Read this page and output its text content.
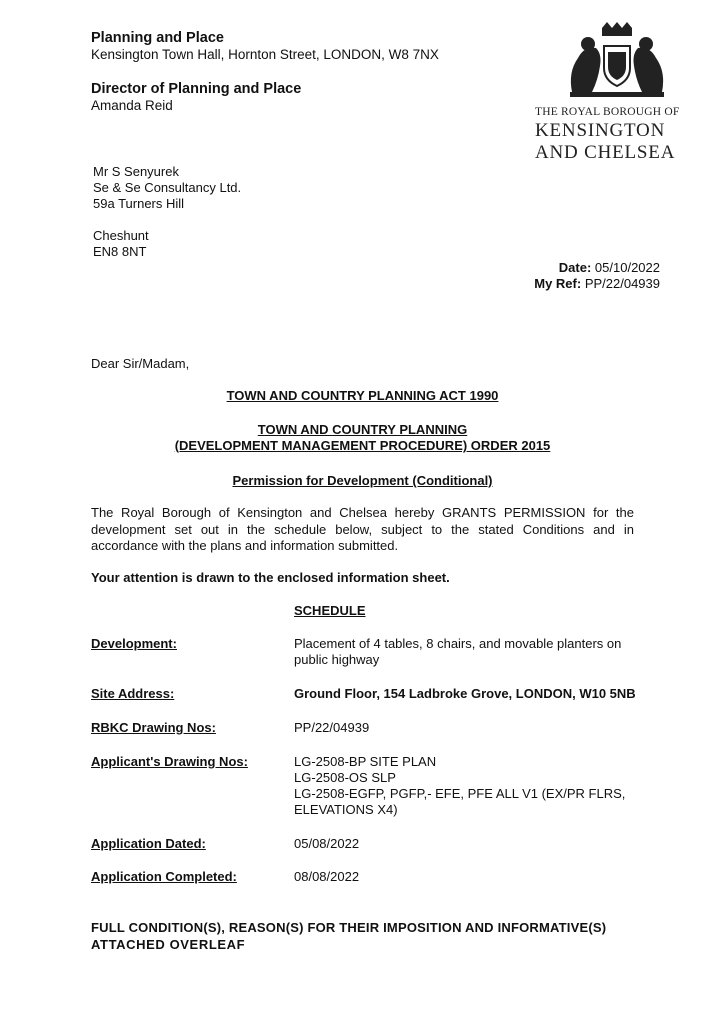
Planning and Place
Kensington Town Hall, Hornton Street, LONDON, W8 7NX
Director of Planning and Place
Amanda Reid	THE ROYAL BOROUGH OF
KENSINGTON
AND CHELSEA
Mr S Senyurek
Se & Se Consultancy Ltd.
59a Turners Hill
Cheshunt
EN8 8NT
Date: 05/10/2022
My Ref: PP/22/04939
Dear Sir/Madam,
TOWN AND COUNTRY PLANNING ACT 1990
TOWN AND COUNTRY PLANNING
(DEVELOPMENT MANAGEMENT PROCEDURE) ORDER 2015
Permission for Development (Conditional)
The Royal Borough of Kensington and Chelsea hereby GRANTS PERMISSION for the development set out in the schedule below, subject to the stated Conditions and in accordance with the plans and information submitted.
Your attention is drawn to the enclosed information sheet.
SCHEDULE
Development:	Placement of 4 tables, 8 chairs, and movable planters on
public highway
Site Address:	Ground Floor, 154 Ladbroke Grove, LONDON, W10 5NB
RBKC Drawing Nos:	PP/22/04939
Applicant's Drawing Nos:	LG-2508-BP SITE PLAN
LG-2508-OS SLP
LG-2508-EGFP, PGFP,- EFE, PFE ALL V1 (EX/PR FLRS,
ELEVATIONS X4)
Application Dated:	05/08/2022
Application Completed:	08/08/2022
FULL CONDITION(S), REASON(S) FOR THEIR IMPOSITION AND INFORMATIVE(S)
ATTACHED OVERLEAF
